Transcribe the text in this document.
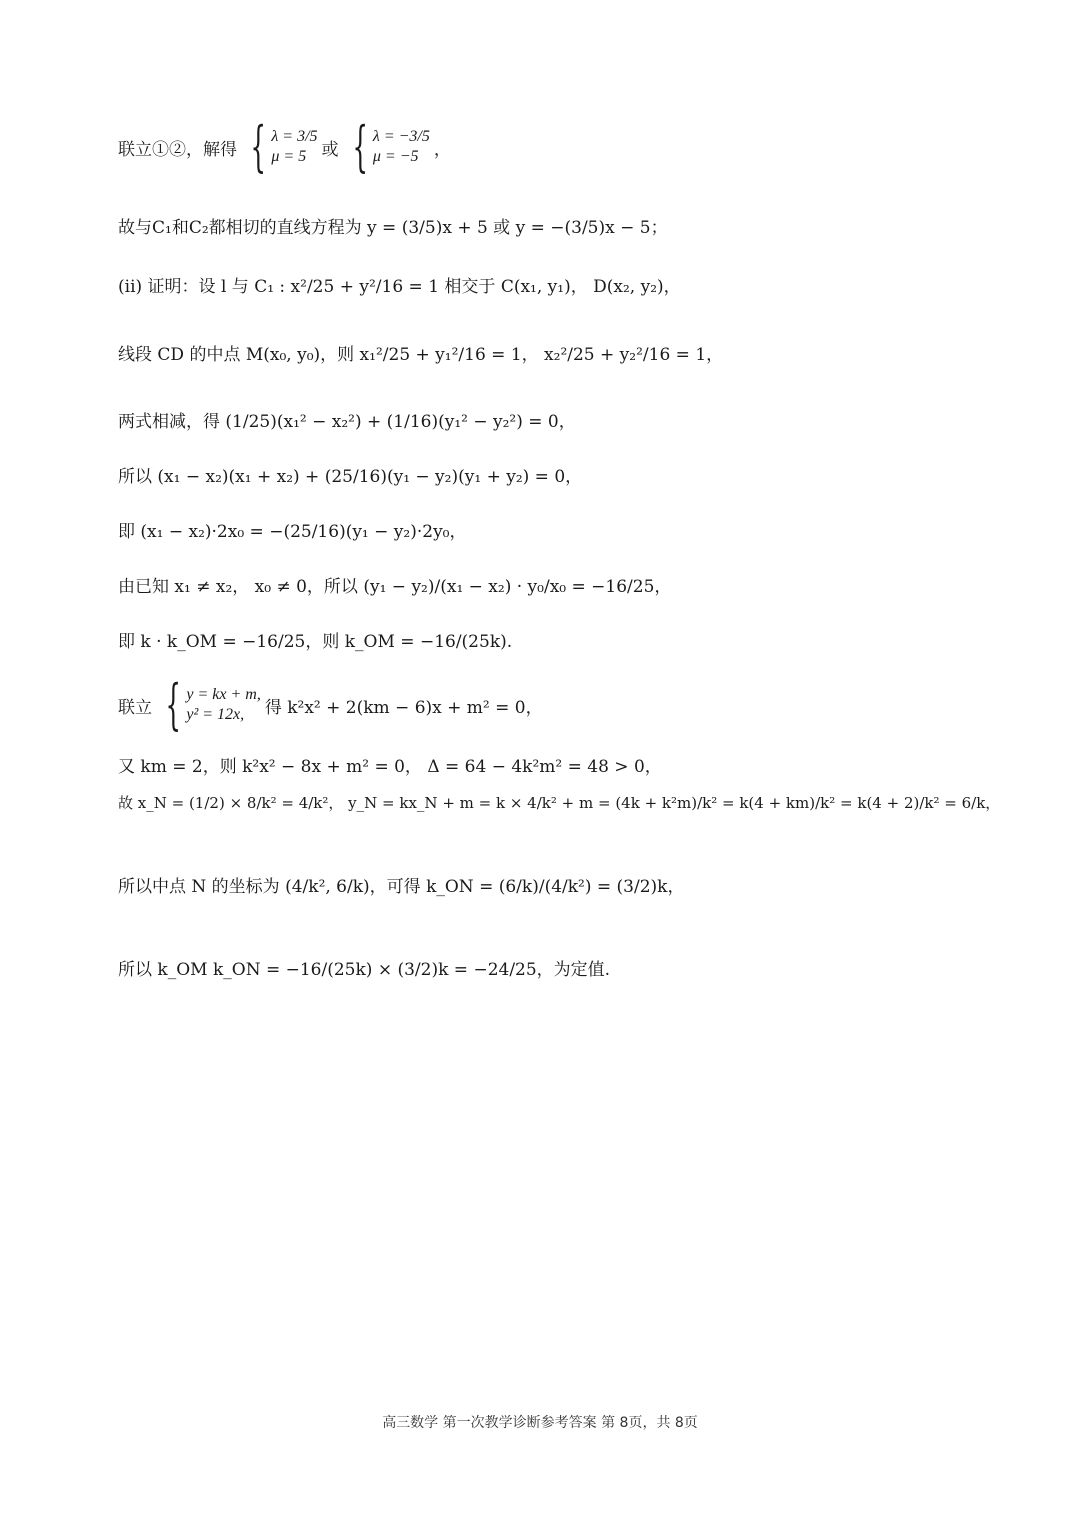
联立①②，解得 { λ = 3/5
μ = 5 或 { λ = −3/5
μ = −5 ，
故与C₁和C₂都相切的直线方程为 y = (3/5)x + 5 或 y = −(3/5)x − 5；
(ii) 证明：设 l 与 C₁ : x²/25 + y²/16 = 1 相交于 C(x₁, y₁)， D(x₂, y₂)，
线段 CD 的中点 M(x₀, y₀)，则 x₁²/25 + y₁²/16 = 1， x₂²/25 + y₂²/16 = 1，
两式相减，得 (1/25)(x₁² − x₂²) + (1/16)(y₁² − y₂²) = 0，
所以 (x₁ − x₂)(x₁ + x₂) + (25/16)(y₁ − y₂)(y₁ + y₂) = 0，
即 (x₁ − x₂)·2x₀ = −(25/16)(y₁ − y₂)·2y₀，
由已知 x₁ ≠ x₂， x₀ ≠ 0，所以 (y₁ − y₂)/(x₁ − x₂) · y₀/x₀ = −16/25，
即 k · k_OM = −16/25，则 k_OM = −16/(25k).
联立 { y = kx + m,
y² = 12x,	得 k²x² + 2(km − 6)x + m² = 0，
又 km = 2，则 k²x² − 8x + m² = 0， Δ = 64 − 4k²m² = 48 > 0，
故 x_N = (1/2) × 8/k² = 4/k²， y_N = kx_N + m = k × 4/k² + m = (4k + k²m)/k² = k(4 + km)/k² = k(4 + 2)/k² = 6/k，
所以中点 N 的坐标为 (4/k², 6/k)，可得 k_ON = (6/k)/(4/k²) = (3/2)k，
所以 k_OM k_ON = −16/(25k) × (3/2)k = −24/25，为定值.
高三数学 第一次教学诊断参考答案 第 8页，共 8页
